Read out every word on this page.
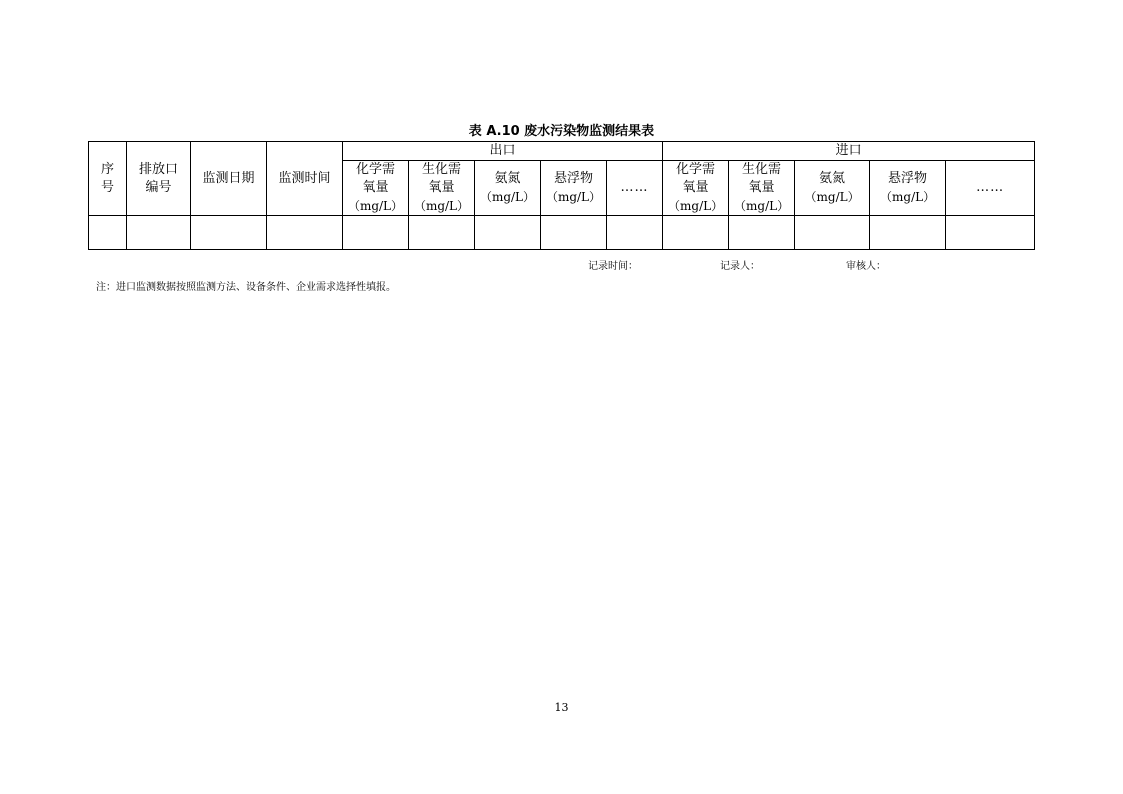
表 A.10 废水污染物监测结果表
序
号	排放口
编号	监测日期	监测时间	出口					进口				

				化学需
氧量
（mg/L）	生化需
氧量
（mg/L）	氨氮
（mg/L）	悬浮物
（mg/L）	……	化学需
氧量
（mg/L）	生化需
氧量
（mg/L）	氨氮
（mg/L）	悬浮物
（mg/L）	……

记录时间：	记录人：	审核人：
注：进口监测数据按照监测方法、设备条件、企业需求选择性填报。
13
